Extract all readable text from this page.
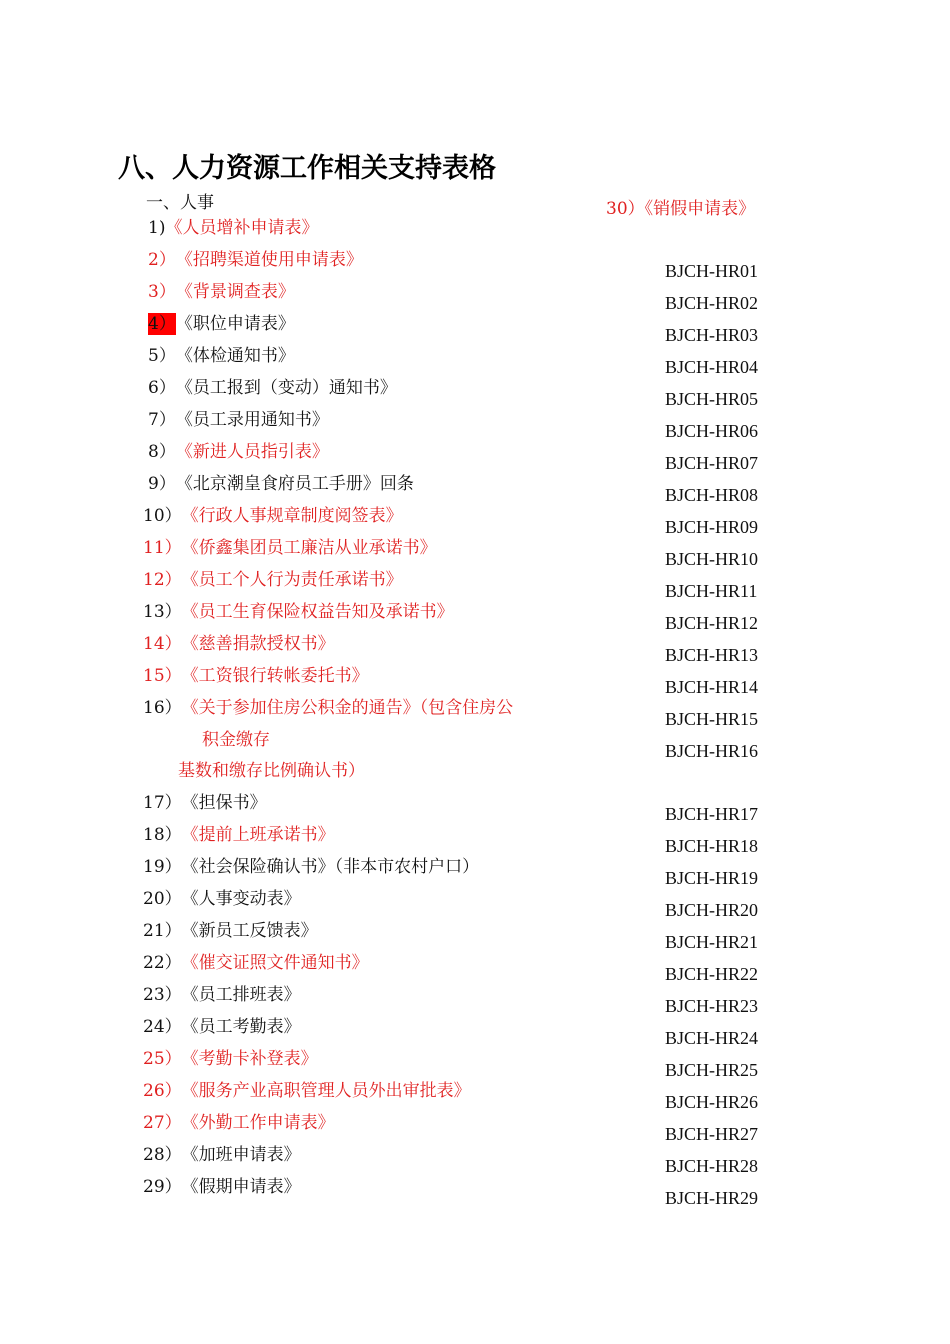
八、人力资源工作相关支持表格
一、人事	30）《销假申请表》
1)《人员增补申请表》
2）《招聘渠道使用申请表》
3）《背景调查表》
4）《职位申请表》
5）《体检通知书》
6）《员工报到（变动）通知书》
7）《员工录用通知书》
8）《新进人员指引表》
9）《北京潮皇食府员工手册》回条
10）《行政人事规章制度阅签表》
11）《侨鑫集团员工廉洁从业承诺书》
12）《员工个人行为责任承诺书》
13）《员工生育保险权益告知及承诺书》
14）《慈善捐款授权书》
15）《工资银行转帐委托书》
16）《关于参加住房公积金的通告》（包含住房公
积金缴存
基数和缴存比例确认书）
17）《担保书》
18）《提前上班承诺书》
19）《社会保险确认书》（非本市农村户口）
20）《人事变动表》
21）《新员工反馈表》
22）《催交证照文件通知书》
23）《员工排班表》
24）《员工考勤表》
25）《考勤卡补登表》
26）《服务产业高职管理人员外出审批表》
27）《外勤工作申请表》
28）《加班申请表》
29）《假期申请表》
BJCH-HR01
BJCH-HR02
BJCH-HR03
BJCH-HR04
BJCH-HR05
BJCH-HR06
BJCH-HR07
BJCH-HR08
BJCH-HR09
BJCH-HR10
BJCH-HR11
BJCH-HR12
BJCH-HR13
BJCH-HR14
BJCH-HR15
BJCH-HR16
BJCH-HR17
BJCH-HR18
BJCH-HR19
BJCH-HR20
BJCH-HR21
BJCH-HR22
BJCH-HR23
BJCH-HR24
BJCH-HR25
BJCH-HR26
BJCH-HR27
BJCH-HR28
BJCH-HR29
